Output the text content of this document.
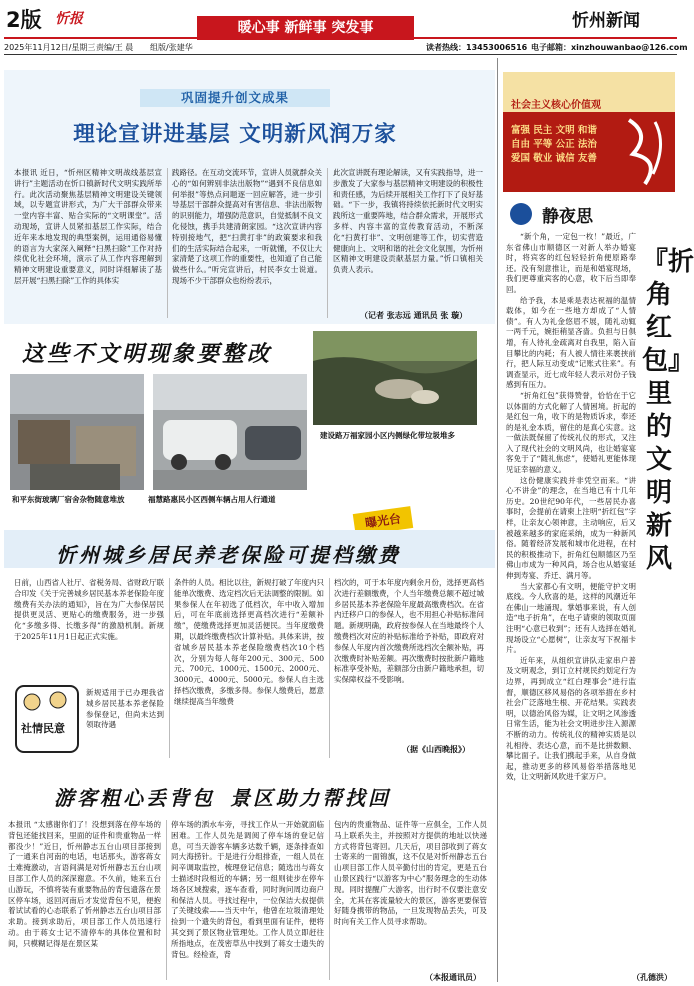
2版 忻报
暖心事 新鲜事 突发事	忻州新闻
2025年11月12日/星期三 责编/王 晨 组版/张建华	读者热线：13453006516 电子邮箱：xinzhouwanbao@126.com
巩固提升创文成果
理论宣讲进基层 文明新风润万家
本报讯 近日，“忻州区精神文明战线基层宣讲行”主题活动在忻口镇新时代文明实践所举行。此次活动聚焦基层精神文明建设关键领域，以专题宣讲形式，为广大干部群众带来一堂内容丰富、贴合实际的“文明课堂”。活动现场，宣讲人员紧扣基层工作实际，结合近年来本地发现的典型案例，运用通俗易懂的语言为大家深入阐释“扫黑扫除”工作对持续优化社会环境，演示了从工作内容理解到精神文明建设重要意义，同时详细解读了基层开展“扫黑扫除”工作的具体实
践路径。在互动交流环节，宣讲人员就群众关心的“如何辨别非法出版物”“遇到不良信息如何举报”等热点问题逐一回应解答，进一步引导基层干部群众提高对有害信息、非法出版物的识别能力，增强防范意识，自觉抵制不良文化侵蚀，携手共建清朗家园。“这次宣讲内容特别接地气，把“扫黄打非”的政策要求和我们的生活实际结合起来，一听就懂，不仅让大家清楚了这项工作的重要性，也知道了自己能做些什么。”听完宣讲后，村民李女士说道。现场不少干部群众也纷纷表示，
此次宣讲既有理论解读，又有实践指导，进一步激发了大家参与基层精神文明建设的积极性和责任感，为后续开展相关工作打下了良好基础。“下一步，我镇将持续依托新时代文明实践所这一重要阵地，结合群众需求，开展形式多样、内容丰富的宣传教育活动，不断深化“扫黄打非”、文明创建等工作，切实营造健康向上、文明和谐的社会文化氛围，为忻州区精神文明建设贡献基层力量。”忻口镇相关负责人表示。
（记者 张志远 通讯员 张 璇）
这些不文明现象要整改
建设路万福家园小区内侧绿化带垃圾堆多
和平东街玻璃厂宿舍杂物随意堆放	福慧路惠民小区西侧车辆占用人行通道
曝光台
忻州城乡居民养老保险可提档缴费
日前，山西省人社厅、省税务局、省财政厅联合印发《关于完善城乡居民基本养老保险年度缴费有关办法的通知》，旨在为广大参保居民提供更灵活、更贴心的缴费服务，进一步强化“多缴多得、长缴多得”的激励机制。新规于2025年11月1日起正式实施。
社情民意
新规适用于已办理我省城乡居民基本养老保险参保登记，但尚未达到领取待遇
条件的人员。相比以往，新规打破了年度内只能单次缴费、选定档次后无法调整的限制。如果参保人在年初选了低档次，年中收入增加后，可在年底前选择更高档次进行“差额补缴”，使缴费选择更加灵活便民。当年度缴费期，以最终缴费档次计算补贴。具体来讲，按省城乡居民基本养老保险缴费档次10个档次，分别为每人每年200元、300元、500元、700元、1000元、1500元、2000元、3000元、4000元、5000元。参保人自主选择档次缴费，多缴多得。参保人缴费后，愿意继续提高当年缴费
档次的，可于本年度内剩余月份，选择更高档次进行差额缴费，个人当年缴费总额不超过城乡居民基本养老保险年度最高缴费档次。在省内迁移户口的参保人，也不用担心补贴标准问题。新规明确，政府按参保人在当地最终个人缴费档次对应的补贴标准给予补贴，即政府对参保人年度内首次缴费所选档次全额补贴，再次缴费时补贴差额。再次缴费时按批新户籍地标准享受补贴，差额部分由新户籍地承担，切实保障权益不受影响。
（据《山西晚报》）
游客粗心丢背包 景区助力帮找回
本报讯 “太感谢你们了！没想到落在停车场的背包还能找回来，里面的证件和贵重物品一样都没少！”近日，忻州静志五台山项目部接到了一通来自河南的电话，电话那头，游客蒋女士难掩激动，言语间满是对忻州静志五台山项目部工作人员的深深谢意。不久前，她来五台山游玩，不慎将装有重要物品的背包遗落在景区停车场，返回河南后才发觉背包不见，便抱着试试看的心态联系了忻州静志五台山项目部求助。接到求助后，项目部工作人员迅速行动。由于蒋女士记不清停车的具体位置和时间，只模糊记得是在景区某
停车场的洒水车旁，寻找工作从一开始就面临困难。工作人员先是调阅了停车场的登记信息，可当天游客车辆多达数千辆，逐条排查如同大海捞针。于是进行分组排查，一组人员在间辛调取监控，梳理登记信息；随选出与蒋女士描述时段相近的车辆；另一组则徒步在停车场各区域搜索，逐车查看，同时询问周边商户和保洁人员。寻找过程中，一位保洁大叔提供了关键线索——当天中午，他曾在垃圾清理处捡到一个遗失的背包，看到里面有证件，便将其交到了景区物业管理处。工作人员立即赶往所指地点，在茂密草丛中找到了蒋女士遗失的背包。经检查，背
包内的贵重物品、证件等一应俱全，工作人员马上联系失主，并按照对方提供的地址以快递方式将背包寄回。几天后，项目部收到了蒋女士寄来的一面锦旗，这不仅是对忻州静志五台山项目部工作人员辛勤付出的肯定，更是五台山景区践行“以游客为中心”服务理念的生动体现。同时提醒广大游客，出行时不仅要注意安全，尤其在客流量较大的景区，游客更要保管好随身携带的物品，一旦发现物品丢失，可及时向有关工作人员寻求帮助。
（本报通讯员）
社会主义核心价值观
富强 民主 文明 和谐
自由 平等 公正 法治
爱国 敬业 诚信 友善
静夜思

“新个角，一定包一枚！”最近，广东省佛山市顺德区一对新人举办婚宴时，将宾客的红包轻轻折角便原路奉还。没有刻意推让，而是和婚宴现场，我们更尊重宾客的心意，收下后当即奉回。

给予我，本是乘是表达祝福的温情载体，如今在一些地方却成了“人情债”。有人为礼金悠眉不展，随礼动辄一两千元，婉拒稍显吝啬。负担与日俱增，有人待礼金疏离对自我里，陷入盲目攀比的内耗；有人被人情往来裹挟前行，把人际互动变成“记账式往来”。有调查显示，近七成年轻人表示对份子钱感到有压力。

“折角红包”获得赞誉，恰恰在于它以体面的方式化解了人情困境。折起的是红包一角，收下的是物质诉求，奉还的是礼金本质，留住的是真心实意。这一做法既保留了传统礼仪的形式，又注入了现代社会的文明风尚，也让婚宴宴客免于了“随礼焦虑”，使婚礼更能体现见证幸福的意义。

这份健康实践并非凭空而来。“讲心不讲金”的理念，在当地已有十几年历史。20世纪90年代，一些居民办喜事时，会提前在请柬上注明“折红包”字样，让亲友心领神意，主动响应，后又被越来越多的家庭采纳，成为一种新风俗。随着经济发展和城市化进程，在村民的积极推动下，折角红包顺德区乃至佛山市成为一种风尚，场合也从婚宴延伸到寿宴、乔迁、满月等。

当大家都心有文明，便能守护文明底线。今人欣喜的是，这样的风潮近年在佛山一地涌现。掌婚事来说，有人创造“电子折角”，在电子请柬的领取页面注明“心意已收到”；还有人选择在婚礼现场设立“心愿树”，让亲友写下祝福卡片。

近年来，从组织宣讲队走家串户普及文明观念，到订立村规民约划定行为边界，再到成立“红白理事会”进行监督，顺德区移风易俗的各项举措在乡村社会广泛落地生根、开花结果。实践表明，以德治风俗为媒，让文明之风渗透日常生活，能为社会文明进步注入源源不断的动力。传统礼仪的精神实质是以礼相待、表达心意，而不是比拼数额、攀比面子。让我们携起手来，从自身做起，推动更多的移风易俗举措落地见效，让文明新风吹进千家万户。

『折角红包』里的文明新风
（孔德洪）
